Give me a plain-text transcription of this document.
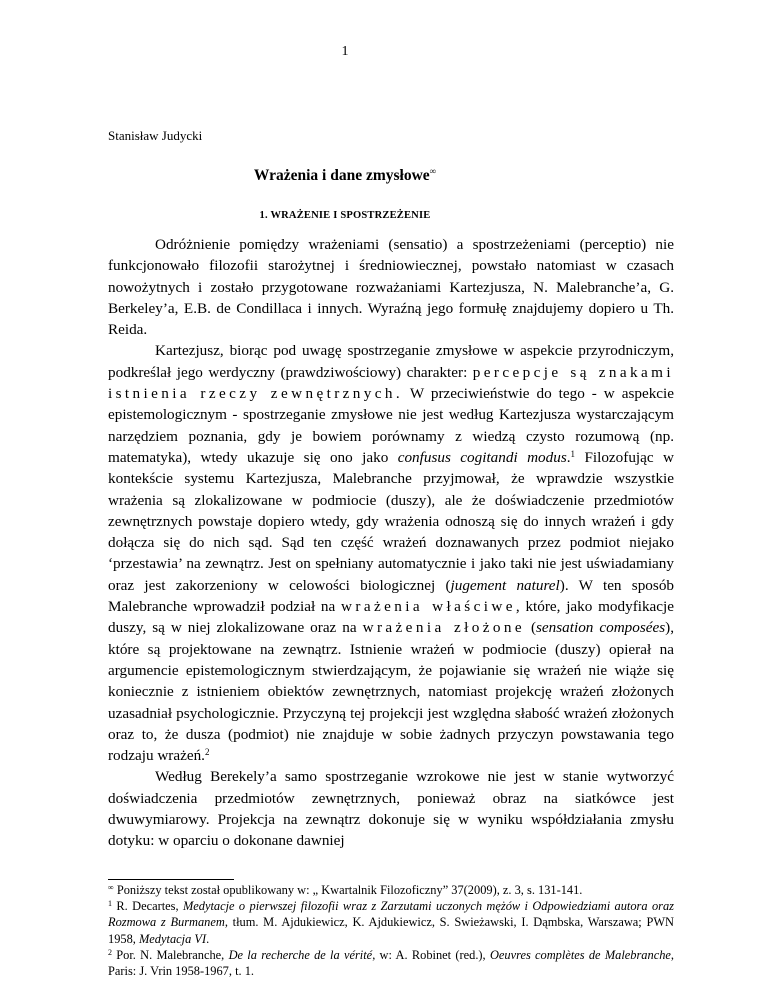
1
Stanisław Judycki
Wrażenia i dane zmysłowe∞
1. WRAŻENIE I SPOSTRZEŻENIE

Odróżnienie pomiędzy wrażeniami (sensatio) a spostrzeżeniami (perceptio) nie funkcjonowało filozofii starożytnej i średniowiecznej, powstało natomiast w czasach nowożytnych i zostało przygotowane rozważaniami Kartezjusza, N. Malebranche’a, G. Berkeley’a, E.B. de Condillaca i innych. Wyraźną jego formułę znajdujemy dopiero u Th. Reida.

Kartezjusz, biorąc pod uwagę spostrzeganie zmysłowe w aspekcie przyrodniczym, podkreślał jego werdyczny (prawdziwościowy) charakter: percepcje są znakami istnienia rzeczy zewnętrznych. W przeciwieństwie do tego - w aspekcie epistemologicznym - spostrzeganie zmysłowe nie jest według Kartezjusza wystarczającym narzędziem poznania, gdy je bowiem porównamy z wiedzą czysto rozumową (np. matematyka), wtedy ukazuje się ono jako confusus cogitandi modus.$^1$ Filozofując w kontekście systemu Kartezjusza, Malebranche przyjmował, że wprawdzie wszystkie wrażenia są zlokalizowane w podmiocie (duszy), ale że doświadczenie przedmiotów zewnętrznych powstaje dopiero wtedy, gdy wrażenia odnoszą się do innych wrażeń i gdy dołącza się do nich sąd. Sąd ten część wrażeń doznawanych przez podmiot niejako ‘przestawia’ na zewnątrz. Jest on spełniany automatycznie i jako taki nie jest uświadamiany oraz jest zakorzeniony w celowości biologicznej (jugement naturel). W ten sposób Malebranche wprowadził podział na wrażenia właściwe, które, jako modyfikacje duszy, są w niej zlokalizowane oraz na wrażenia złożone (sensation composées), które są projektowane na zewnątrz. Istnienie wrażeń w podmiocie (duszy) opierał na argumencie epistemologicznym stwierdzającym, że pojawianie się wrażeń nie wiąże się koniecznie z istnieniem obiektów zewnętrznych, natomiast projekcję wrażeń złożonych uzasadniał psychologicznie. Przyczyną tej projekcji jest względna słabość wrażeń złożonych oraz to, że dusza (podmiot) nie znajduje w sobie żadnych przyczyn powstawania tego rodzaju wrażeń.$^2$

Według Berekely’a samo spostrzeganie wzrokowe nie jest w stanie wytworzyć doświadczenia przedmiotów zewnętrznych, ponieważ obraz na siatkówce jest dwuwymiarowy. Projekcja na zewnątrz dokonuje się w wyniku współdziałania zmysłu dotyku: w oparciu o dokonane dawniej

∞ Poniższy tekst został opublikowany w: „ Kwartalnik Filozoficzny” 37(2009), z. 3, s. 131-141.

$^1$ R. Decartes, Medytacje o pierwszej filozofii wraz z Zarzutami uczonych mężów i Odpowiedziami autora oraz Rozmowa z Burmanem, tłum. M. Ajdukiewicz, K. Ajdukiewicz, S. Swieżawski, I. Dąmbska, Warszawa; PWN 1958, Medytacja VI.

$^2$ Por. N. Malebranche, De la recherche de la vérité, w: A. Robinet (red.), Oeuvres complètes de Malebranche, Paris: J. Vrin 1958-1967, t. 1.
